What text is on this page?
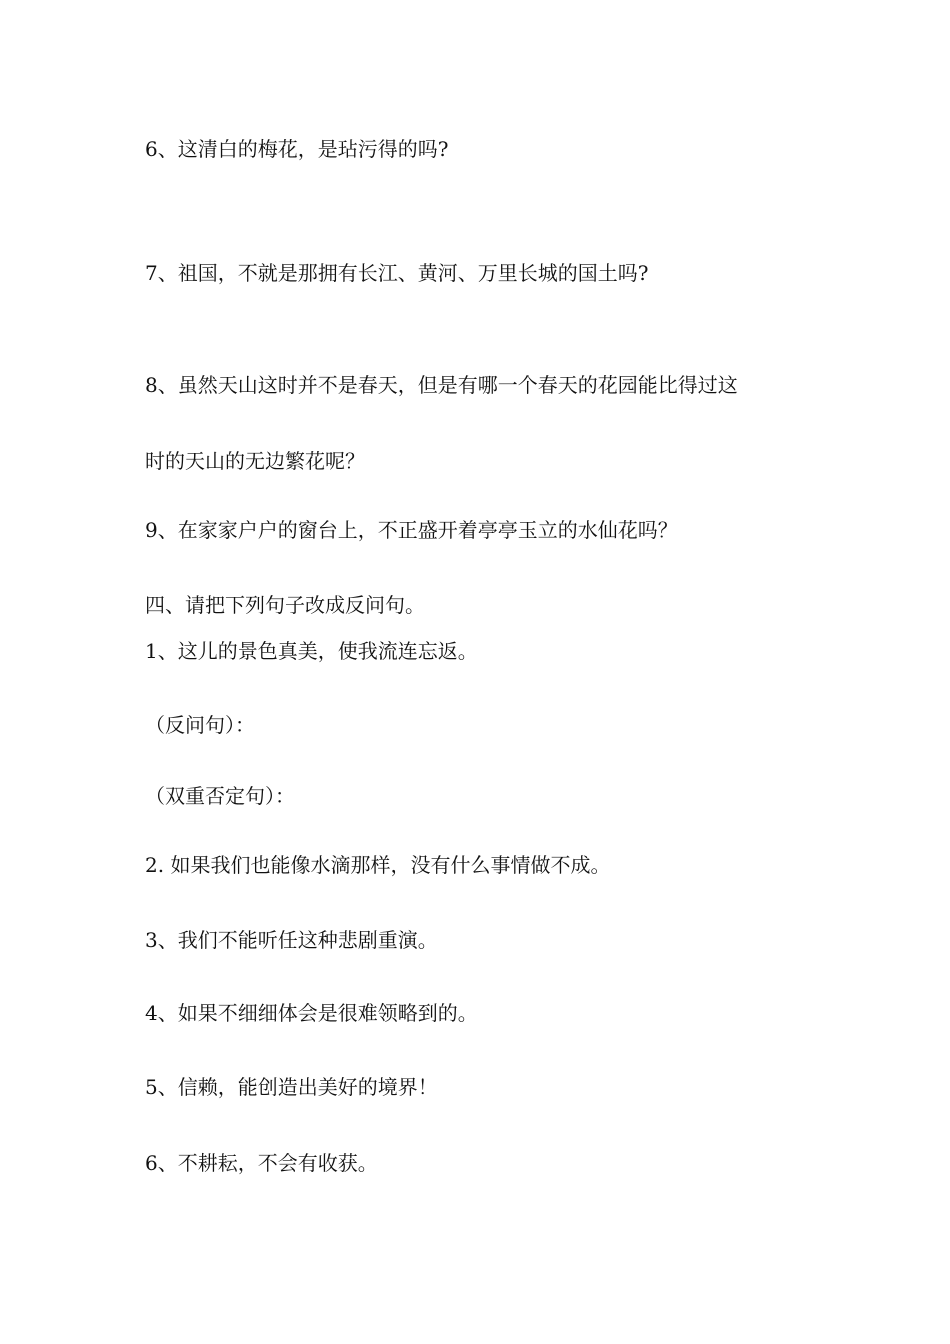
6、这清白的梅花，是玷污得的吗?
7、祖国，不就是那拥有长江、黄河、万里长城的国土吗?
8、虽然天山这时并不是春天，但是有哪一个春天的花园能比得过这
时的天山的无边繁花呢？
9、在家家户户的窗台上，不正盛开着亭亭玉立的水仙花吗？
四、请把下列句子改成反问句。
1、这儿的景色真美，使我流连忘返。
（反问句）：
（双重否定句）：
2. 如果我们也能像水滴那样，没有什么事情做不成。
3、我们不能听任这种悲剧重演。
4、如果不细细体会是很难领略到的。
5、信赖，能创造出美好的境界！
6、不耕耘，不会有收获。
